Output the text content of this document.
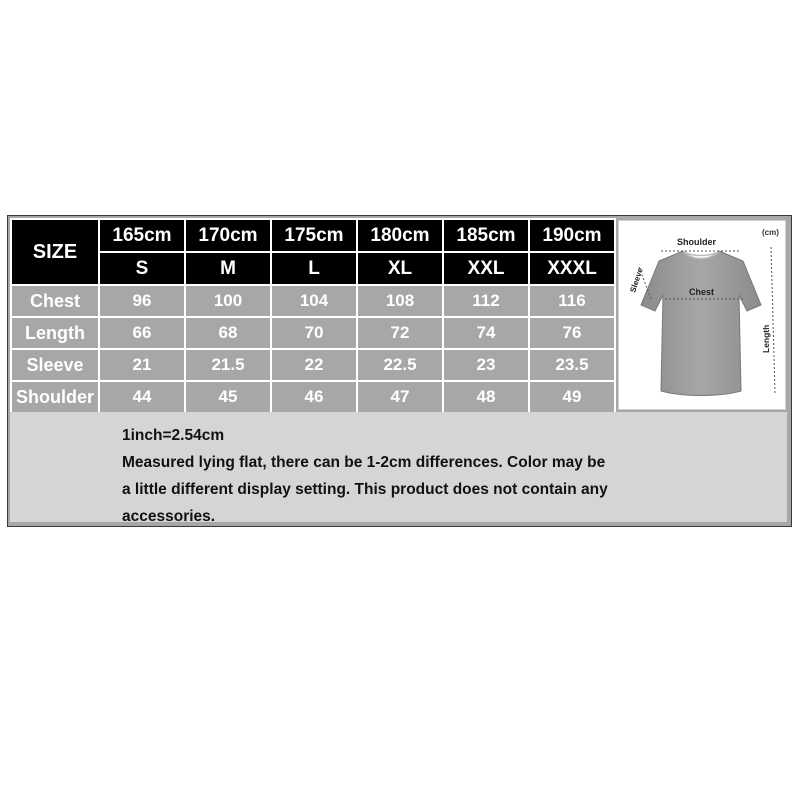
SIZE	165cm	170cm	175cm	180cm	185cm	190cm
	S	M	L	XL	XXL	XXXL
Chest	96	100	104	108	112	116
Length	66	68	70	72	74	76
Sleeve	21	21.5	22	22.5	23	23.5
Shoulder	44	45	46	47	48	49
(cm)
Shoulder
Chest
Sleeve
Length
1inch=2.54cm
Measured lying flat, there can be 1-2cm differences. Color may be
a little different display setting. This product does not contain any
accessories.
